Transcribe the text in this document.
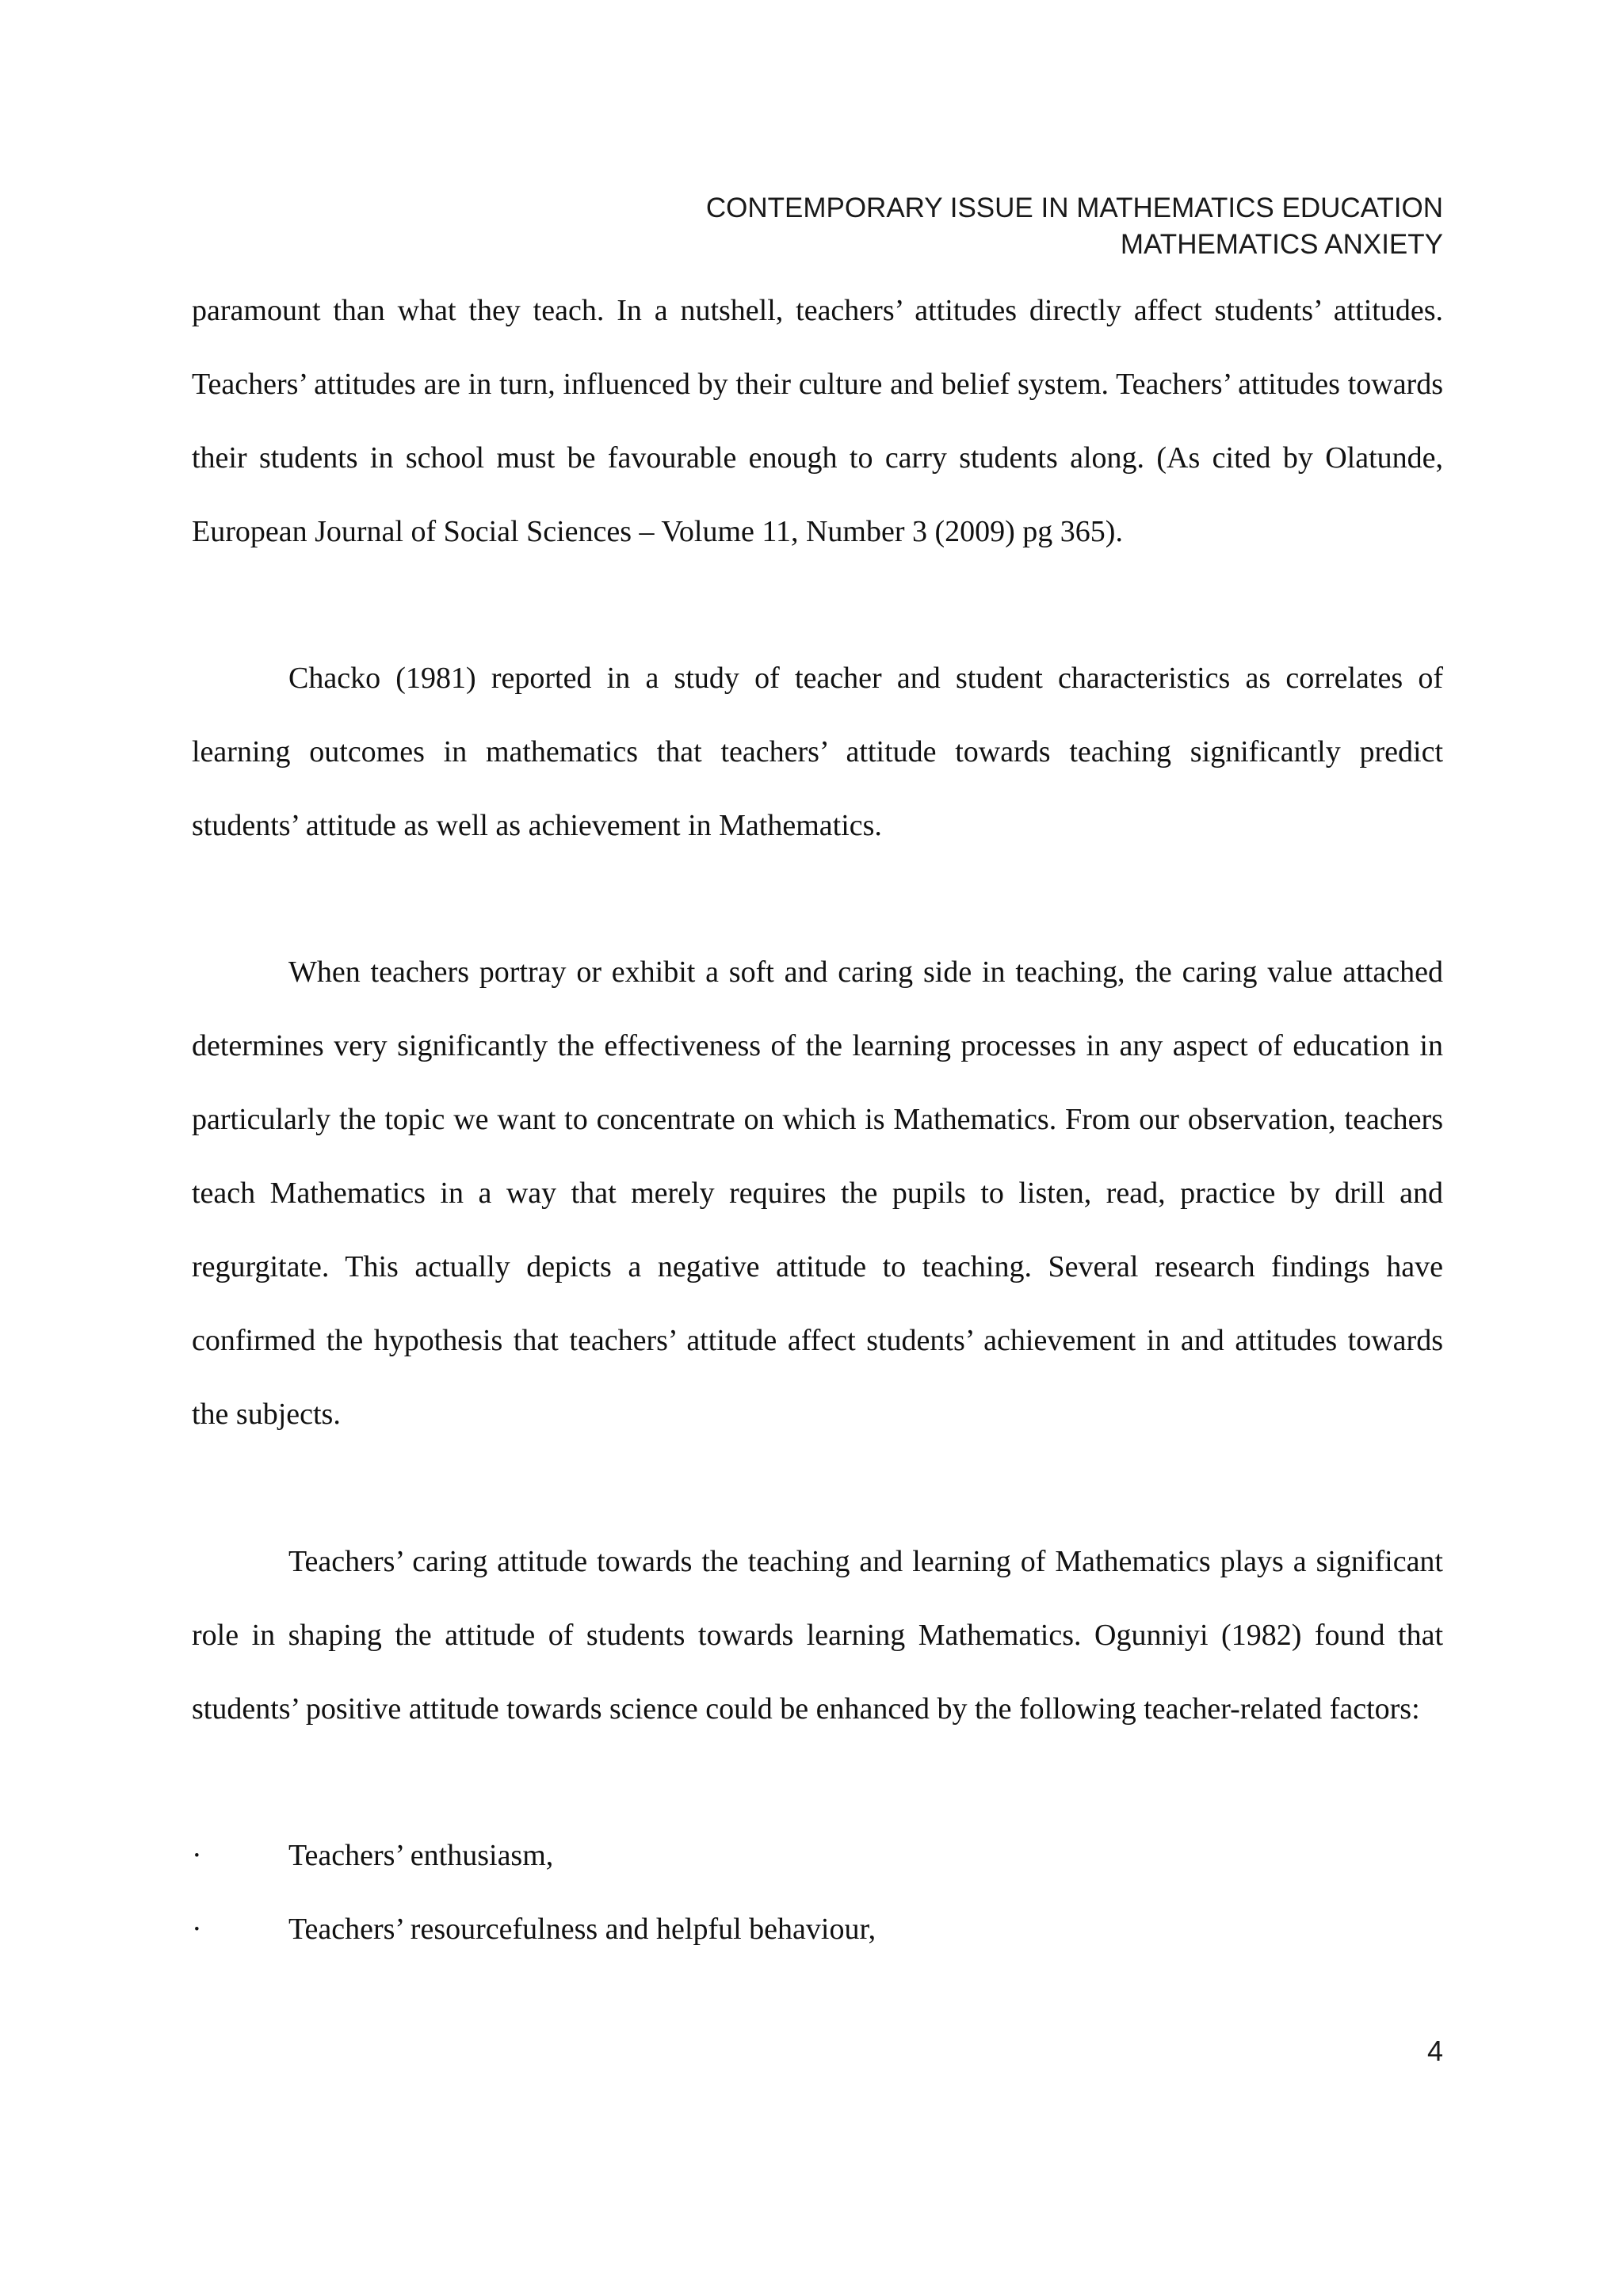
CONTEMPORARY ISSUE IN MATHEMATICS EDUCATION
MATHEMATICS ANXIETY

paramount than what they teach. In a nutshell, teachers’ attitudes directly affect students’ attitudes. Teachers’ attitudes are in turn, influenced by their culture and belief system. Teachers’ attitudes towards their students in school must be favourable enough to carry students along. (As cited by Olatunde, European Journal of Social Sciences – Volume 11, Number 3 (2009) pg 365).

Chacko (1981) reported in a study of teacher and student characteristics as correlates of learning outcomes in mathematics that teachers’ attitude towards teaching significantly predict students’ attitude as well as achievement in Mathematics.

When teachers portray or exhibit a soft and caring side in teaching, the caring value attached determines very significantly the effectiveness of the learning processes in any aspect of education in particularly the topic we want to concentrate on which is Mathematics. From our observation, teachers teach Mathematics in a way that merely requires the pupils to listen, read, practice by drill and regurgitate. This actually depicts a negative attitude to teaching. Several research findings have confirmed the hypothesis that teachers’ attitude affect students’ achievement in and attitudes towards the subjects.

Teachers’ caring attitude towards the teaching and learning of Mathematics plays a significant role in shaping the attitude of students towards learning Mathematics. Ogunniyi (1982) found that students’ positive attitude towards science could be enhanced by the following teacher-related factors:

·	Teachers’ enthusiasm,
·	Teachers’ resourcefulness and helpful behaviour,
4
